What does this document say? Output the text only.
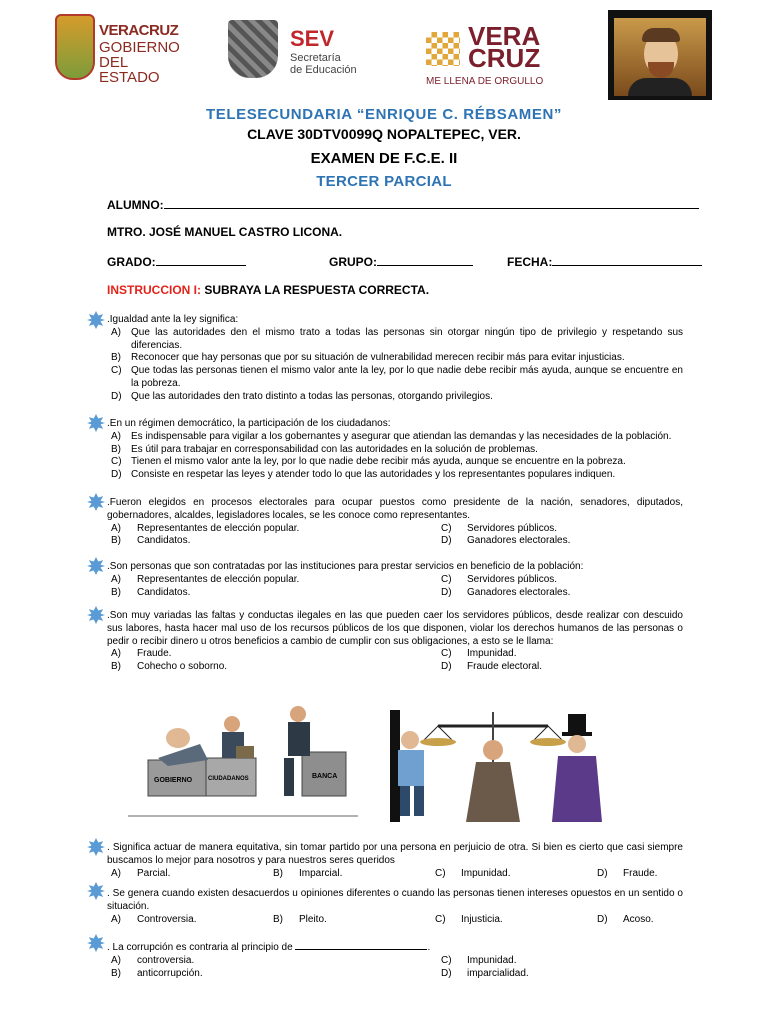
VERACRUZ
GOBIERNO
DEL ESTADO
SEV
Secretaría
de Educación
VERA
CRUZ
ME LLENA DE ORGULLO
TELESECUNDARIA “ENRIQUE C. RÉBSAMEN”
CLAVE 30DTV0099Q NOPALTEPEC, VER.
EXAMEN DE F.C.E. II
TERCER PARCIAL
ALUMNO:
MTRO. JOSÉ MANUEL CASTRO LICONA.
GRADO:	GRUPO:	FECHA:
INSTRUCCION I: SUBRAYA LA RESPUESTA CORRECTA.
.Igualdad ante la ley significa:
A)	Que las autoridades den el mismo trato a todas las personas sin otorgar ningún tipo de privilegio y respetando sus diferencias.
B)	Reconocer que hay personas que por su situación de vulnerabilidad merecen recibir más para evitar injusticias.
C) Que todas las personas tienen el mismo valor ante la ley, por lo que nadie debe recibir más ayuda, aunque se encuentre en la pobreza.
D) Que las autoridades den trato distinto a todas las personas, otorgando privilegios.
.En un régimen democrático, la participación de los ciudadanos:
A)	Es indispensable para vigilar a los gobernantes y asegurar que atiendan las demandas y las necesidades de la población.
B)	Es útil para trabajar en corresponsabilidad con las autoridades en la solución de problemas.
C) Tienen el mismo valor ante la ley, por lo que nadie debe recibir más ayuda, aunque se encuentre en la pobreza.
D) Consiste en respetar las leyes y atender todo lo que las autoridades y los representantes populares indiquen.
.Fueron elegidos en procesos electorales para ocupar puestos como presidente de la nación, senadores, diputados, gobernadores, alcaldes, legisladores locales, se les conoce como representantes.
A)	Representantes de elección popular.	C)	Servidores públicos.
B)	Candidatos.	D)	Ganadores electorales.
.Son personas que son contratadas por las instituciones para prestar servicios en beneficio de la población:
A)	Representantes de elección popular.	C)	Servidores públicos.
B)	Candidatos.	D)	Ganadores electorales.
.Son muy variadas las faltas y conductas ilegales en las que pueden caer los servidores públicos, desde realizar con descuido sus labores, hasta hacer mal uso de los recursos públicos de los que disponen, violar los derechos humanos de las personas o pedir o recibir dinero u otros beneficios a cambio de cumplir con sus obligaciones, a esto se le llama:
A)	Fraude.	C)	Impunidad.
B)	Cohecho o soborno.	D)	Fraude electoral.
GOBIERNO	CIUDADANOS	BANCA
. Significa actuar de manera equitativa, sin tomar partido por una persona en perjuicio de otra. Si bien es cierto que casi siempre buscamos lo mejor para nosotros y para nuestros seres queridos
A)	Parcial.	B)	Imparcial.	C)	Impunidad.	D)	Fraude.
. Se genera cuando existen desacuerdos u opiniones diferentes o cuando las personas tienen intereses opuestos en un sentido o situación.
A)	Controversia.	B)	Pleito.	C)	Injusticia.	D)	Acoso.
. La corrupción es contraria al principio de	.
A)	controversia.	C)	Impunidad.
B)	anticorrupción.	D)	imparcialidad.
